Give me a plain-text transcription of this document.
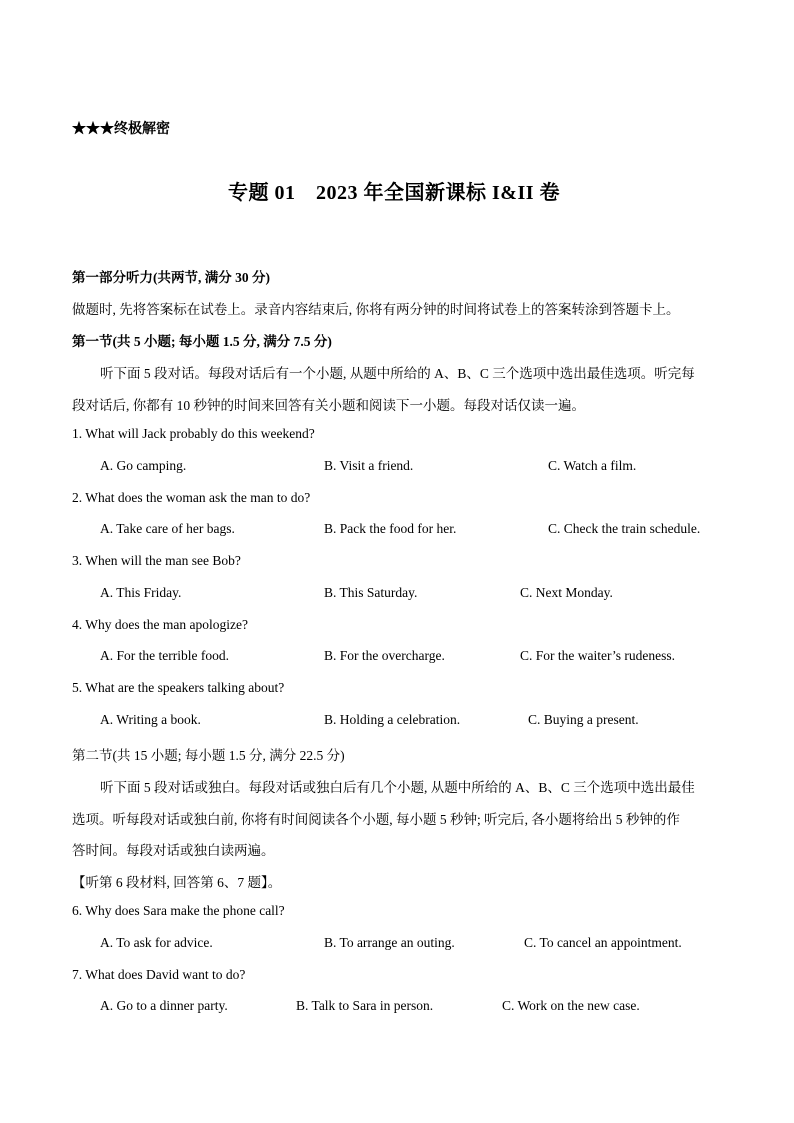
★★★终极解密
专题 01　2023 年全国新课标 I&II 卷
第一部分听力(共两节, 满分 30 分)
做题时, 先将答案标在试卷上。录音内容结束后, 你将有两分钟的时间将试卷上的答案转涂到答题卡上。
第一节(共 5 小题; 每小题 1.5 分, 满分 7.5 分)
听下面 5 段对话。每段对话后有一个小题, 从题中所给的 A、B、C 三个选项中选出最佳选项。听完每
段对话后, 你都有 10 秒钟的时间来回答有关小题和阅读下一小题。每段对话仅读一遍。
1. What will Jack probably do this weekend?
A. Go camping.	B. Visit a friend.	C. Watch a film.
2. What does the woman ask the man to do?
A. Take care of her bags.	B. Pack the food for her.	C. Check the train schedule.
3. When will the man see Bob?
A. This Friday.	B. This Saturday.	C. Next Monday.
4. Why does the man apologize?
A. For the terrible food.	B. For the overcharge.	C. For the waiter’s rudeness.
5. What are the speakers talking about?
A. Writing a book.	B. Holding a celebration.	C. Buying a present.
第二节(共 15 小题; 每小题 1.5 分, 满分 22.5 分)
听下面 5 段对话或独白。每段对话或独白后有几个小题, 从题中所给的 A、B、C 三个选项中选出最佳
选项。听每段对话或独白前, 你将有时间阅读各个小题, 每小题 5 秒钟; 听完后, 各小题将给出 5 秒钟的作
答时间。每段对话或独白读两遍。
【听第 6 段材料, 回答第 6、7 题】。
6. Why does Sara make the phone call?
A. To ask for advice.	B. To arrange an outing.	C. To cancel an appointment.
7. What does David want to do?
A. Go to a dinner party.	B. Talk to Sara in person.	C. Work on the new case.
